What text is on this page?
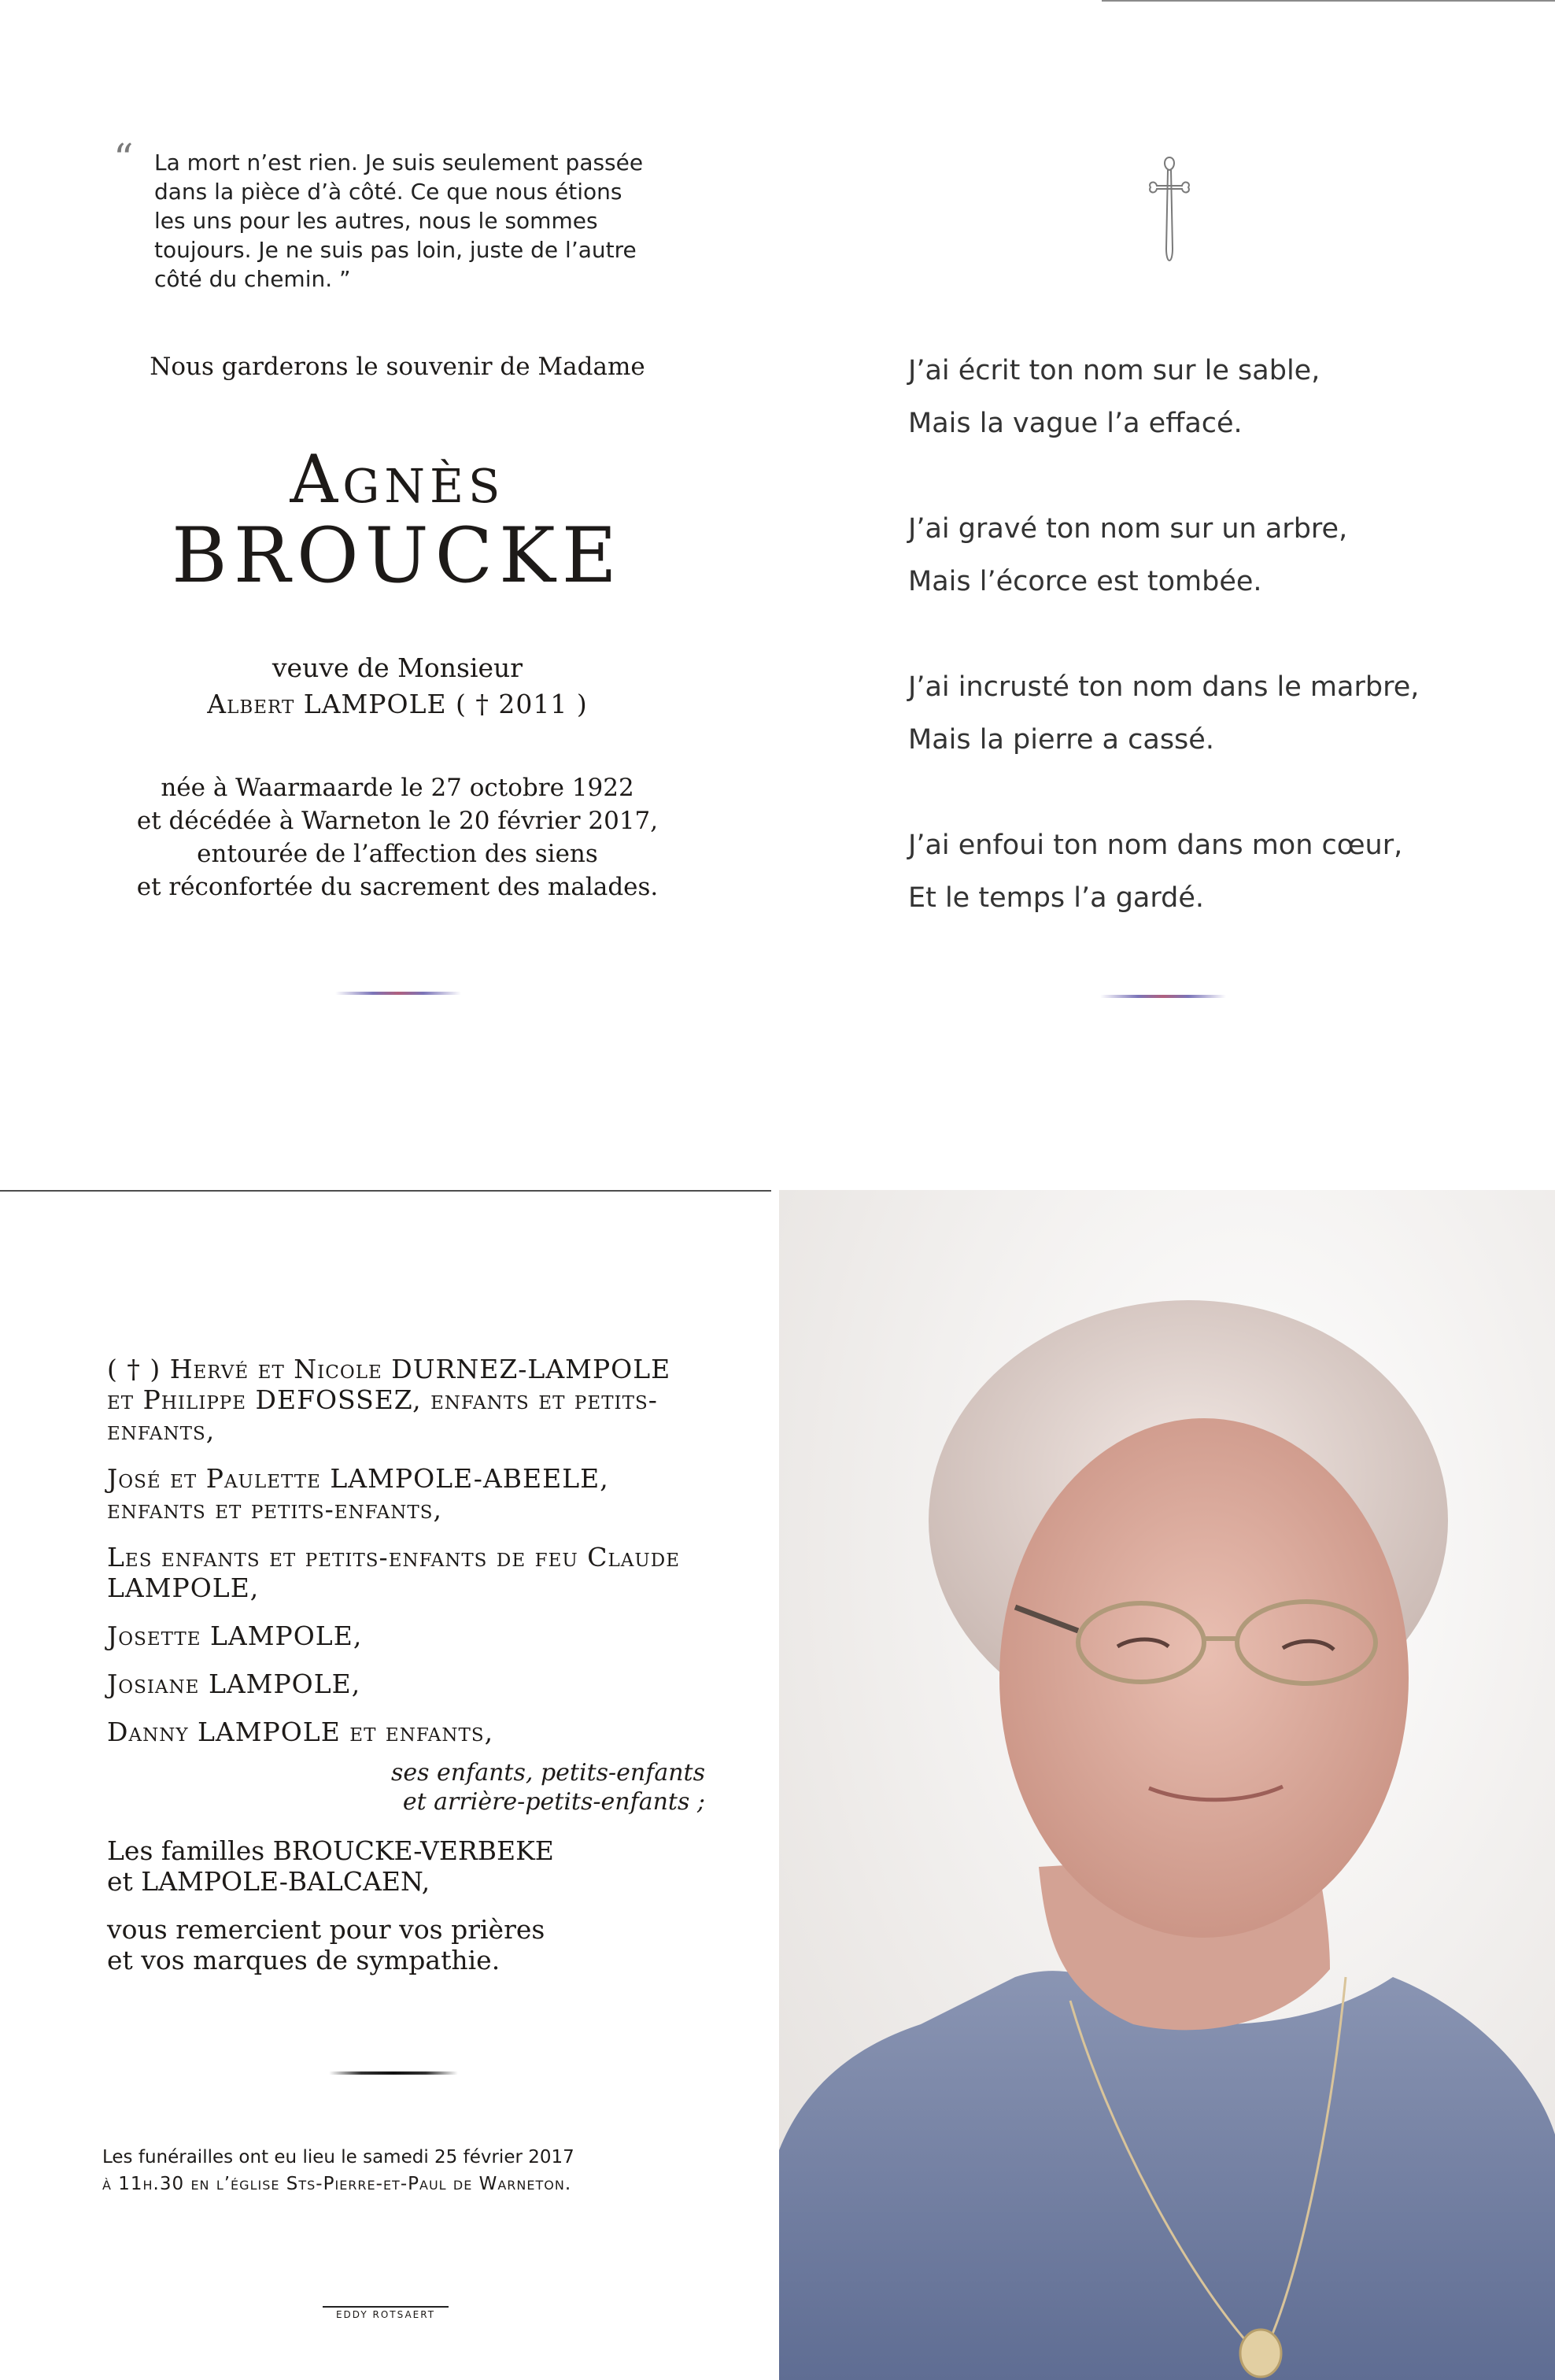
“ La mort n’est rien. Je suis seulement passée dans la pièce d’à côté. Ce que nous étions les uns pour les autres, nous le sommes toujours. Je ne suis pas loin, juste de l’autre côté du chemin. ”
Nous garderons le souvenir de Madame
Agnès
BROUCKE
veuve de Monsieur
Albert LAMPOLE ( † 2011 )
née à Waarmaarde le 27 octobre 1922
et décédée à Warneton le 20 février 2017,
entourée de l’affection des siens
et réconfortée du sacrement des malades.
J’ai écrit ton nom sur le sable,
Mais la vague l’a effacé.
J’ai gravé ton nom sur un arbre,
Mais l’écorce est tombée.
J’ai incrusté ton nom dans le marbre,
Mais la pierre a cassé.
J’ai enfoui ton nom dans mon cœur,
Et le temps l’a gardé.

( † ) Hervé et Nicole DURNEZ-LAMPOLE et Philippe DEFOSSEZ, enfants et petits-enfants,

José et Paulette LAMPOLE-ABEELE, enfants et petits-enfants,

Les enfants et petits-enfants de feu Claude LAMPOLE,

Josette LAMPOLE,

Josiane LAMPOLE,

Danny LAMPOLE et enfants,

ses enfants, petits-enfants
et arrière-petits-enfants ;

Les familles BROUCKE-VERBEKE
et LAMPOLE-BALCAEN,

vous remercient pour vos prières
et vos marques de sympathie.

Les funérailles ont eu lieu le samedi 25 février 2017
à 11h.30 en l’église Sts-Pierre-et-Paul de Warneton.
EDDY ROTSAERT
